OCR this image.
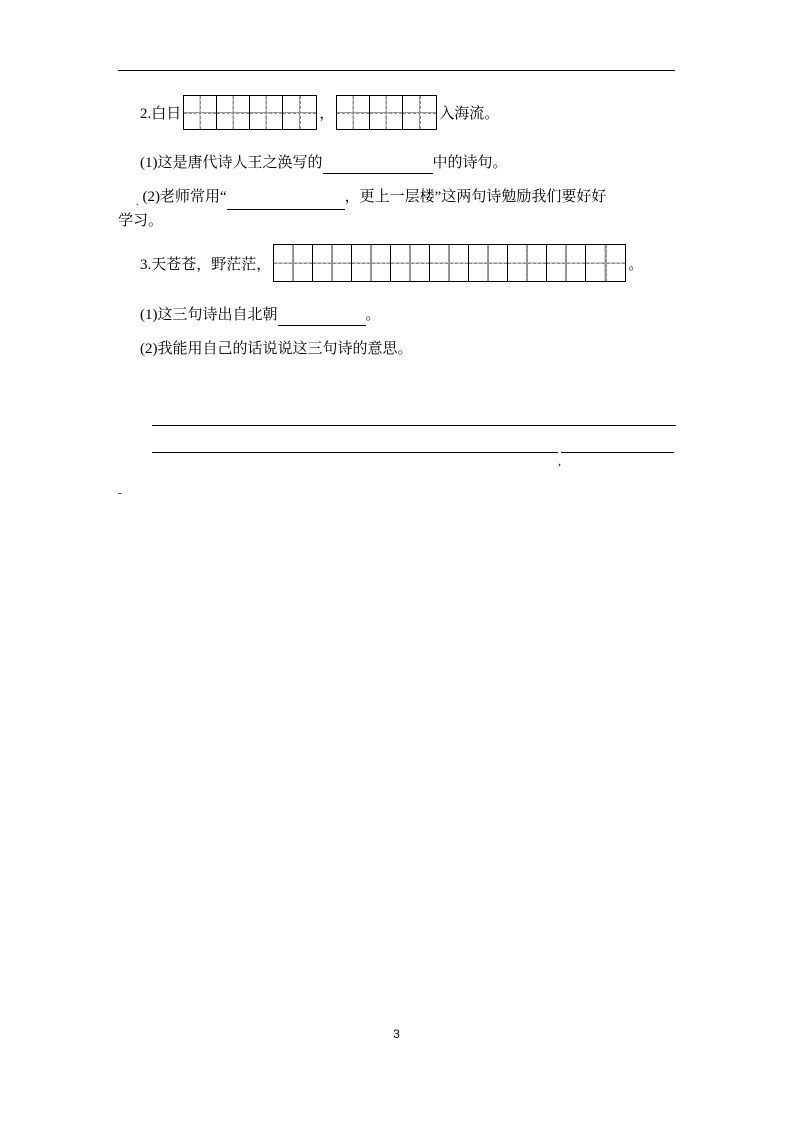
2.白日	，	入海流。
(1)这是唐代诗人王之涣写的	中的诗句。
$_.$ (2)老师常用“	，更上一层楼”这两句诗勉励我们要好好
学习。
3.天苍苍，野茫茫，	。
(1)这三句诗出自北朝	。
(2)我能用自己的话说说这三句诗的意思。
，
-
3
